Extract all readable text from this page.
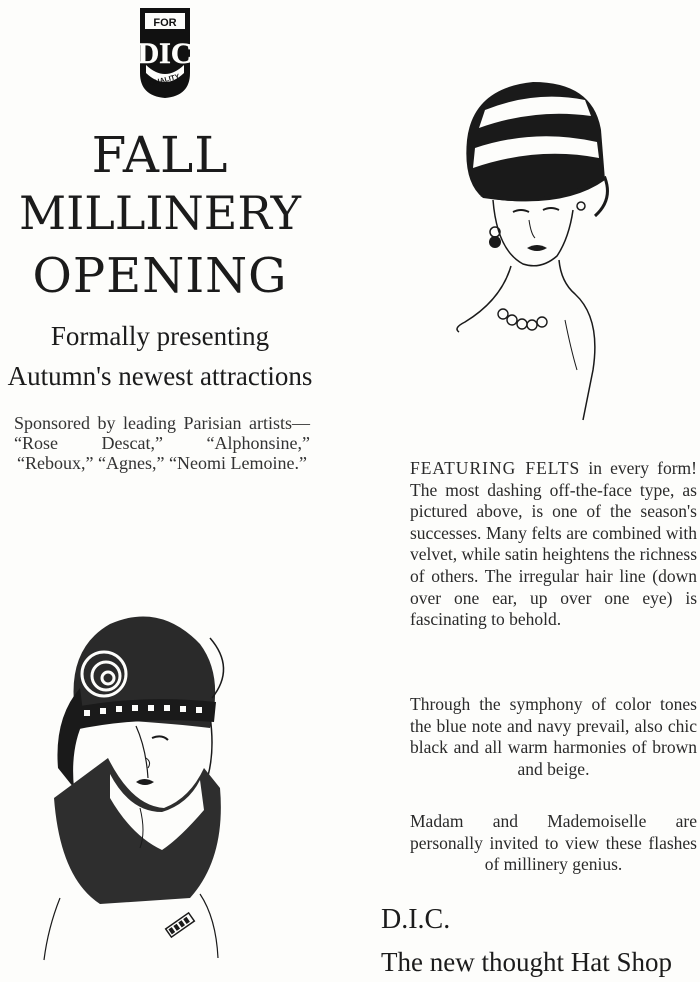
FOR
DIC
QUALITY
FALL
MILLINERY
OPENING
Formally presenting
Autumn's newest attractions
Sponsored by leading Parisian artists— “Rose Descat,” “Alphonsine,” “Reboux,” “Agnes,” “Neomi Lemoine.”	FEATURING FELTS in every form! The most dashing off-the-face type, as pictured above, is one of the season's successes. Many felts are combined with velvet, while satin heightens the richness of others. The irregular hair line (down over one ear, up over one eye) is fascinating to behold.
Through the symphony of color tones the blue note and navy prevail, also chic black and all warm harmonies of brown and beige.
Madam and Mademoiselle are personally invited to view these flashes of millinery genius.
D.I.C.
The new thought Hat Shop
